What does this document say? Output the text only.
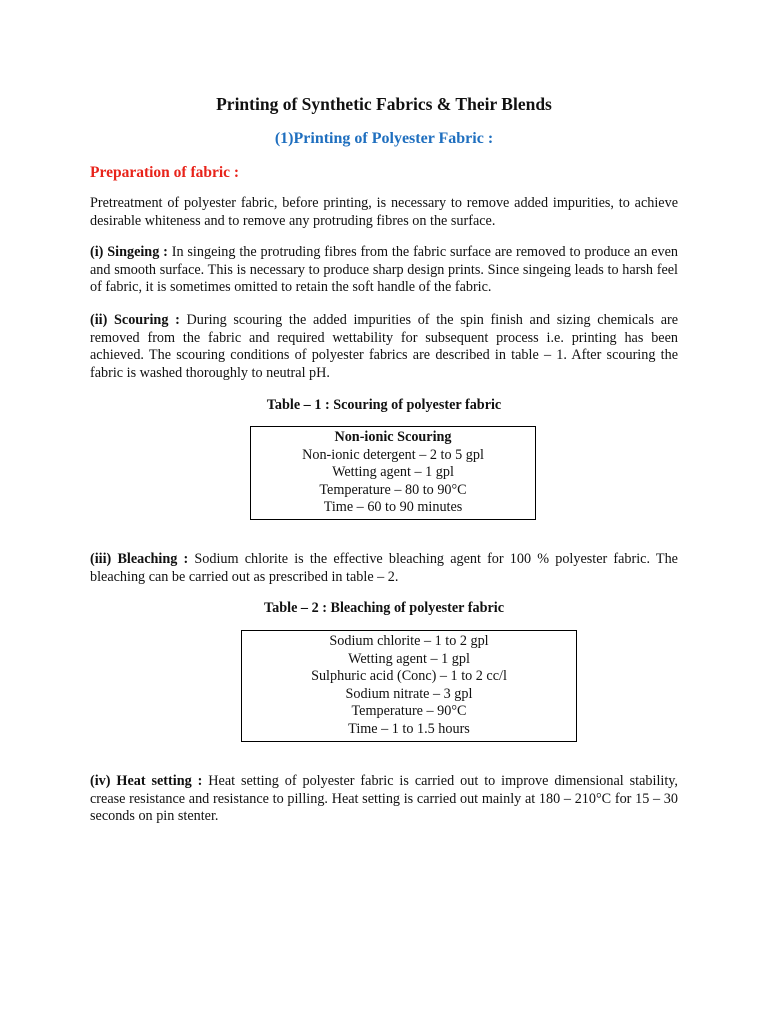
Printing of Synthetic Fabrics & Their Blends
(1)Printing of Polyester Fabric :
Preparation of fabric :

Pretreatment of polyester fabric, before printing, is necessary to remove added impurities, to achieve desirable whiteness and to remove any protruding fibres on the surface.

(i) Singeing : In singeing the protruding fibres from the fabric surface are removed to produce an even and smooth surface. This is necessary to produce sharp design prints. Since singeing leads to harsh feel of fabric, it is sometimes omitted to retain the soft handle of the fabric.

(ii) Scouring : During scouring the added impurities of the spin finish and sizing chemicals are removed from the fabric and required wettability for subsequent process i.e. printing has been achieved. The scouring conditions of polyester fabrics are described in table – 1. After scouring the fabric is washed thoroughly to neutral pH.

Table – 1 : Scouring of polyester fabric

Non-ionic Scouring
Non-ionic detergent – 2 to 5 gpl
Wetting agent – 1 gpl
Temperature – 80 to 90°C
Time – 60 to 90 minutes

(iii) Bleaching : Sodium chlorite is the effective bleaching agent for 100 % polyester fabric. The bleaching can be carried out as prescribed in table – 2.

Table – 2 : Bleaching of polyester fabric

Sodium chlorite – 1 to 2 gpl
Wetting agent – 1 gpl
Sulphuric acid (Conc) – 1 to 2 cc/l
Sodium nitrate – 3 gpl
Temperature – 90°C
Time – 1 to 1.5 hours

(iv) Heat setting : Heat setting of polyester fabric is carried out to improve dimensional stability, crease resistance and resistance to pilling. Heat setting is carried out mainly at 180 – 210°C for 15 – 30 seconds on pin stenter.
